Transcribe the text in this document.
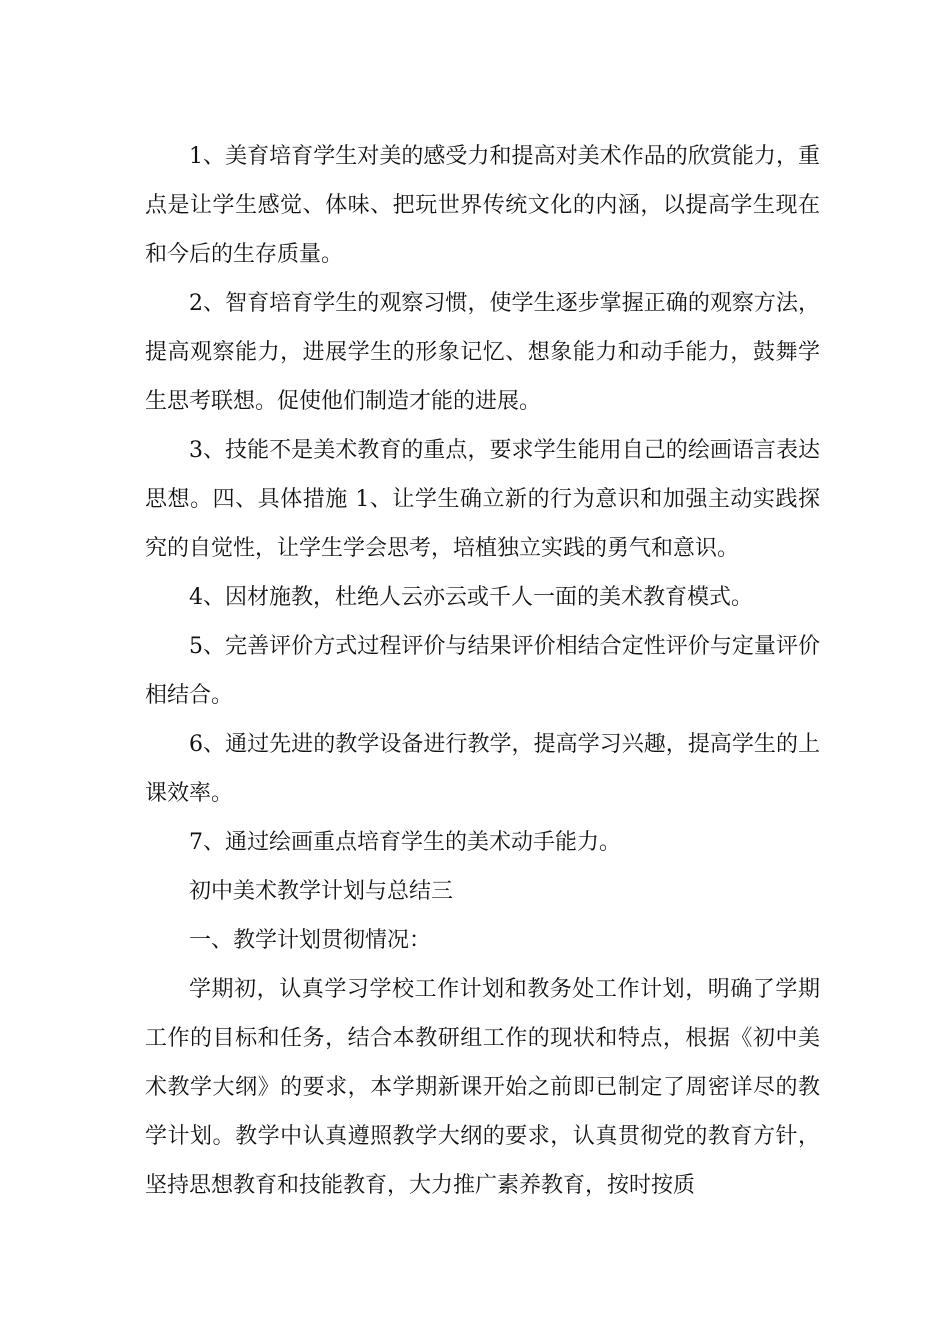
1、美育培育学生对美的感受力和提高对美术作品的欣赏能力，重点是让学生感觉、体味、把玩世界传统文化的内涵，以提高学生现在和今后的生存质量。

2、智育培育学生的观察习惯，使学生逐步掌握正确的观察方法，提高观察能力，进展学生的形象记忆、想象能力和动手能力，鼓舞学生思考联想。促使他们制造才能的进展。

3、技能不是美术教育的重点，要求学生能用自己的绘画语言表达思想。四、具体措施 1、让学生确立新的行为意识和加强主动实践探究的自觉性，让学生学会思考，培植独立实践的勇气和意识。

4、因材施教，杜绝人云亦云或千人一面的美术教育模式。

5、完善评价方式过程评价与结果评价相结合定性评价与定量评价相结合。

6、通过先进的教学设备进行教学，提高学习兴趣，提高学生的上课效率。

7、通过绘画重点培育学生的美术动手能力。

初中美术教学计划与总结三

一、教学计划贯彻情况：

学期初，认真学习学校工作计划和教务处工作计划，明确了学期工作的目标和任务，结合本教研组工作的现状和特点，根据《初中美术教学大纲》的要求，本学期新课开始之前即已制定了周密详尽的教学计划。教学中认真遵照教学大纲的要求，认真贯彻党的教育方针，坚持思想教育和技能教育，大力推广素养教育，按时按质
